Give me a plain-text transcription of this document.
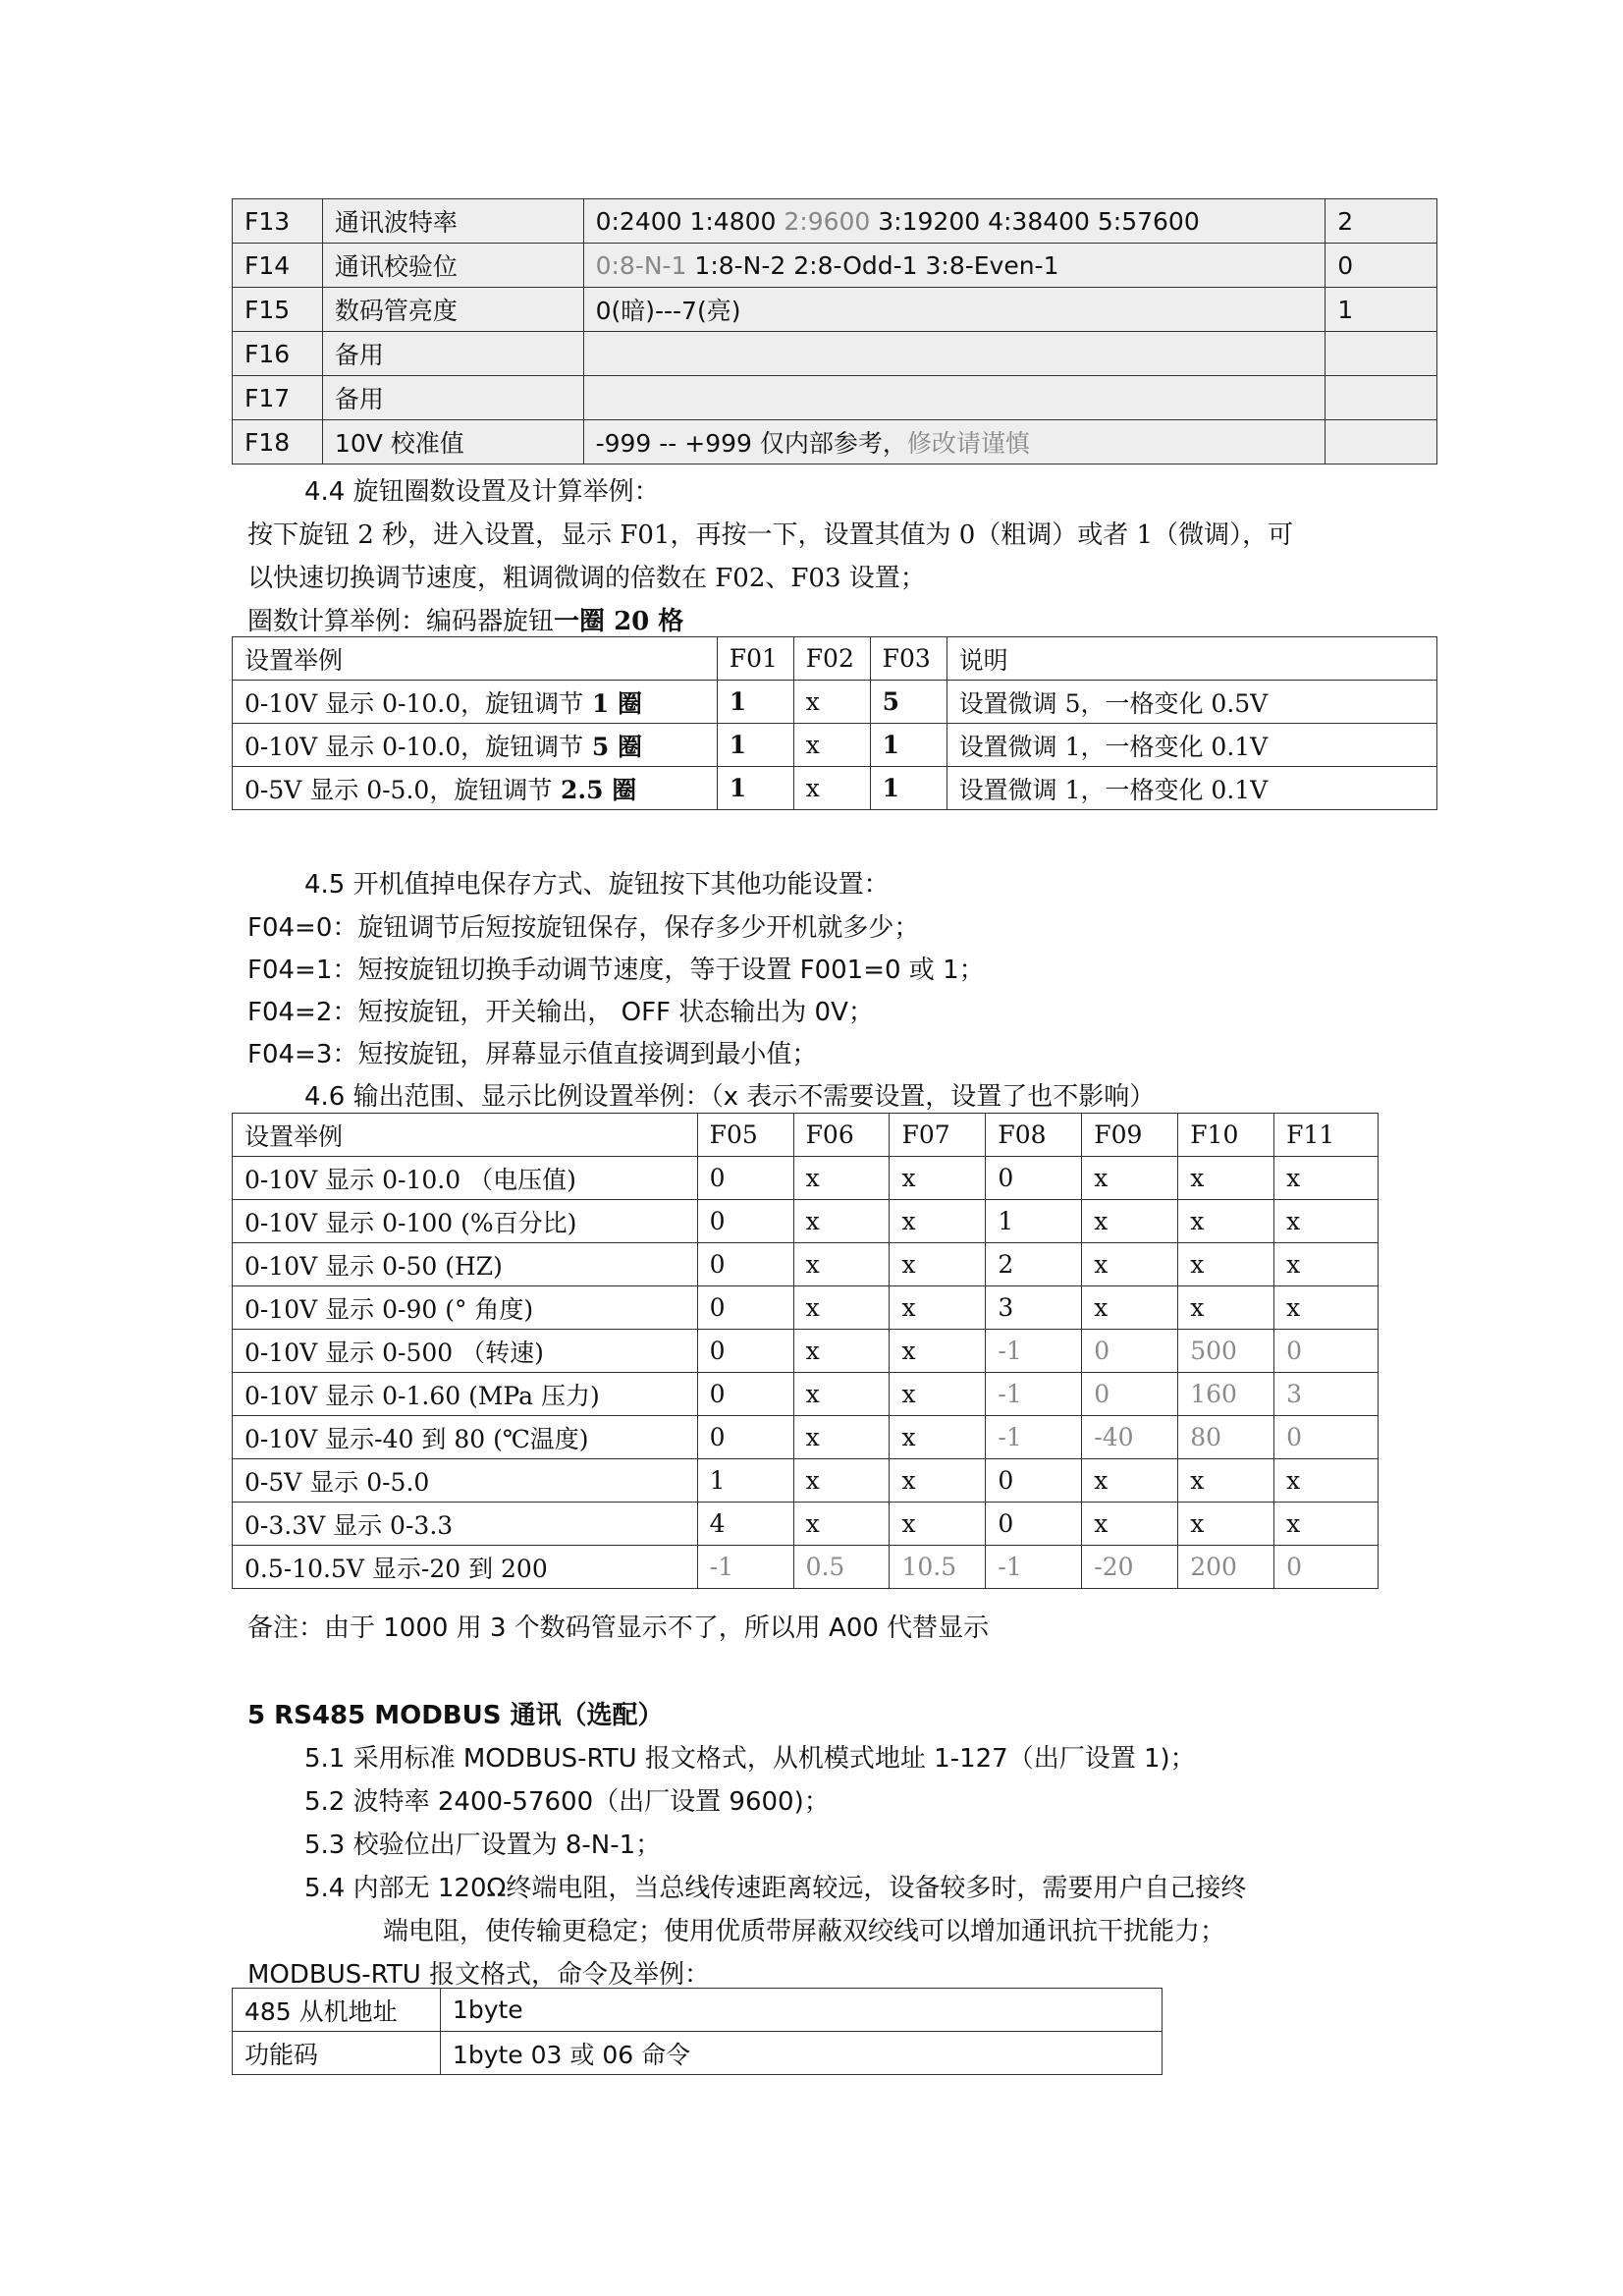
F13	通讯波特率	0:2400 1:4800 2:9600 3:19200 4:38400 5:57600	2
F14	通讯校验位	0:8-N-1 1:8-N-2 2:8-Odd-1 3:8-Even-1	0
F15	数码管亮度	0(暗)---7(亮)	1
F16	备用		
F17	备用		
F18	10V 校准值	-999 -- +999 仅内部参考，修改请谨慎	
4.4 旋钮圈数设置及计算举例：
按下旋钮 2 秒，进入设置，显示 F01，再按一下，设置其值为 0（粗调）或者 1（微调），可
以快速切换调节速度，粗调微调的倍数在 F02、F03 设置；
圈数计算举例：编码器旋钮一圈 20 格
设置举例	F01	F02	F03	说明
0-10V 显示 0-10.0，旋钮调节 1 圈	1	x	5	设置微调 5，一格变化 0.5V
0-10V 显示 0-10.0，旋钮调节 5 圈	1	x	1	设置微调 1，一格变化 0.1V
0-5V 显示 0-5.0，旋钮调节 2.5 圈	1	x	1	设置微调 1，一格变化 0.1V
4.5 开机值掉电保存方式、旋钮按下其他功能设置：
F04=0：旋钮调节后短按旋钮保存，保存多少开机就多少；
F04=1：短按旋钮切换手动调节速度，等于设置 F001=0 或 1；
F04=2：短按旋钮，开关输出， OFF 状态输出为 0V；
F04=3：短按旋钮，屏幕显示值直接调到最小值；
4.6 输出范围、显示比例设置举例：（x 表示不需要设置，设置了也不影响）
设置举例	F05	F06	F07	F08	F09	F10	F11
0-10V 显示 0-10.0 （电压值)	0	x	x	0	x	x	x
0-10V 显示 0-100 (%百分比)	0	x	x	1	x	x	x
0-10V 显示 0-50 (HZ)	0	x	x	2	x	x	x
0-10V 显示 0-90 (° 角度)	0	x	x	3	x	x	x
0-10V 显示 0-500 （转速)	0	x	x	-1	0	500	0
0-10V 显示 0-1.60 (MPa 压力)	0	x	x	-1	0	160	3
0-10V 显示-40 到 80 (℃温度)	0	x	x	-1	-40	80	0
0-5V 显示 0-5.0	1	x	x	0	x	x	x
0-3.3V 显示 0-3.3	4	x	x	0	x	x	x
0.5-10.5V 显示-20 到 200	-1	0.5	10.5	-1	-20	200	0
备注：由于 1000 用 3 个数码管显示不了，所以用 A00 代替显示
5 RS485 MODBUS 通讯（选配）
5.1 采用标准 MODBUS-RTU 报文格式，从机模式地址 1-127（出厂设置 1)；
5.2 波特率 2400-57600（出厂设置 9600)；
5.3 校验位出厂设置为 8-N-1；
5.4 内部无 120Ω终端电阻，当总线传速距离较远，设备较多时，需要用户自己接终
端电阻，使传输更稳定；使用优质带屏蔽双绞线可以增加通讯抗干扰能力；
MODBUS-RTU 报文格式，命令及举例：
485 从机地址	1byte
功能码	1byte 03 或 06 命令
